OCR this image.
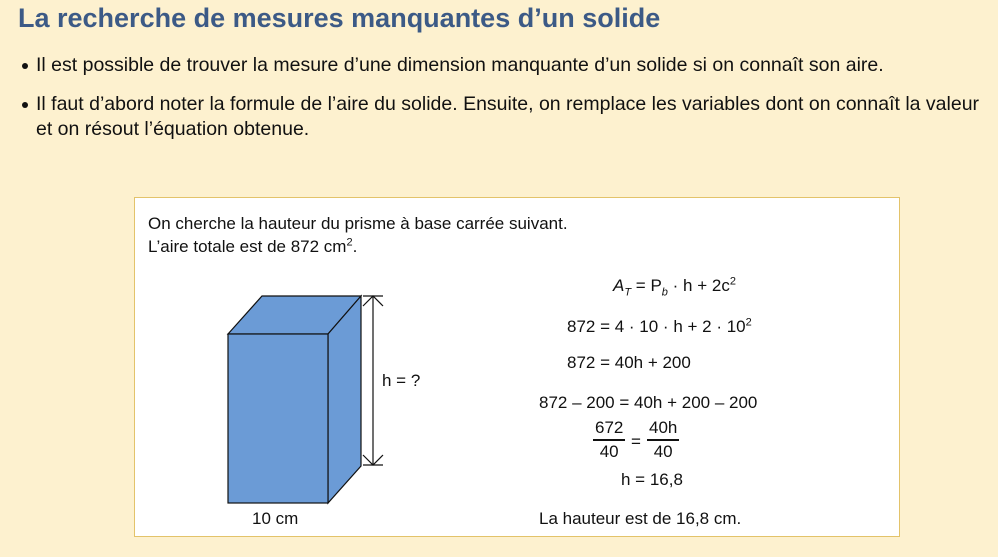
La recherche de mesures manquantes d’un solide
Il est possible de trouver la mesure d’une dimension manquante d’un solide si on connaît son aire.
Il faut d’abord noter la formule de l’aire du solide. Ensuite, on remplace les variables dont on connaît la valeur et on résout l’équation obtenue.
On cherche la hauteur du prisme à base carrée suivant.
L’aire totale est de 872 $cm^2$.
h = ?
10 cm
$A_T = P_b \cdot h + 2c^2$
$872 = 4 \cdot 10 \cdot h + 2 \cdot 10^2$
872 = 40h + 200
872 – 200 = 40h + 200 – 200
672
40 =
40h
40
h = 16,8
La hauteur est de 16,8 cm.
